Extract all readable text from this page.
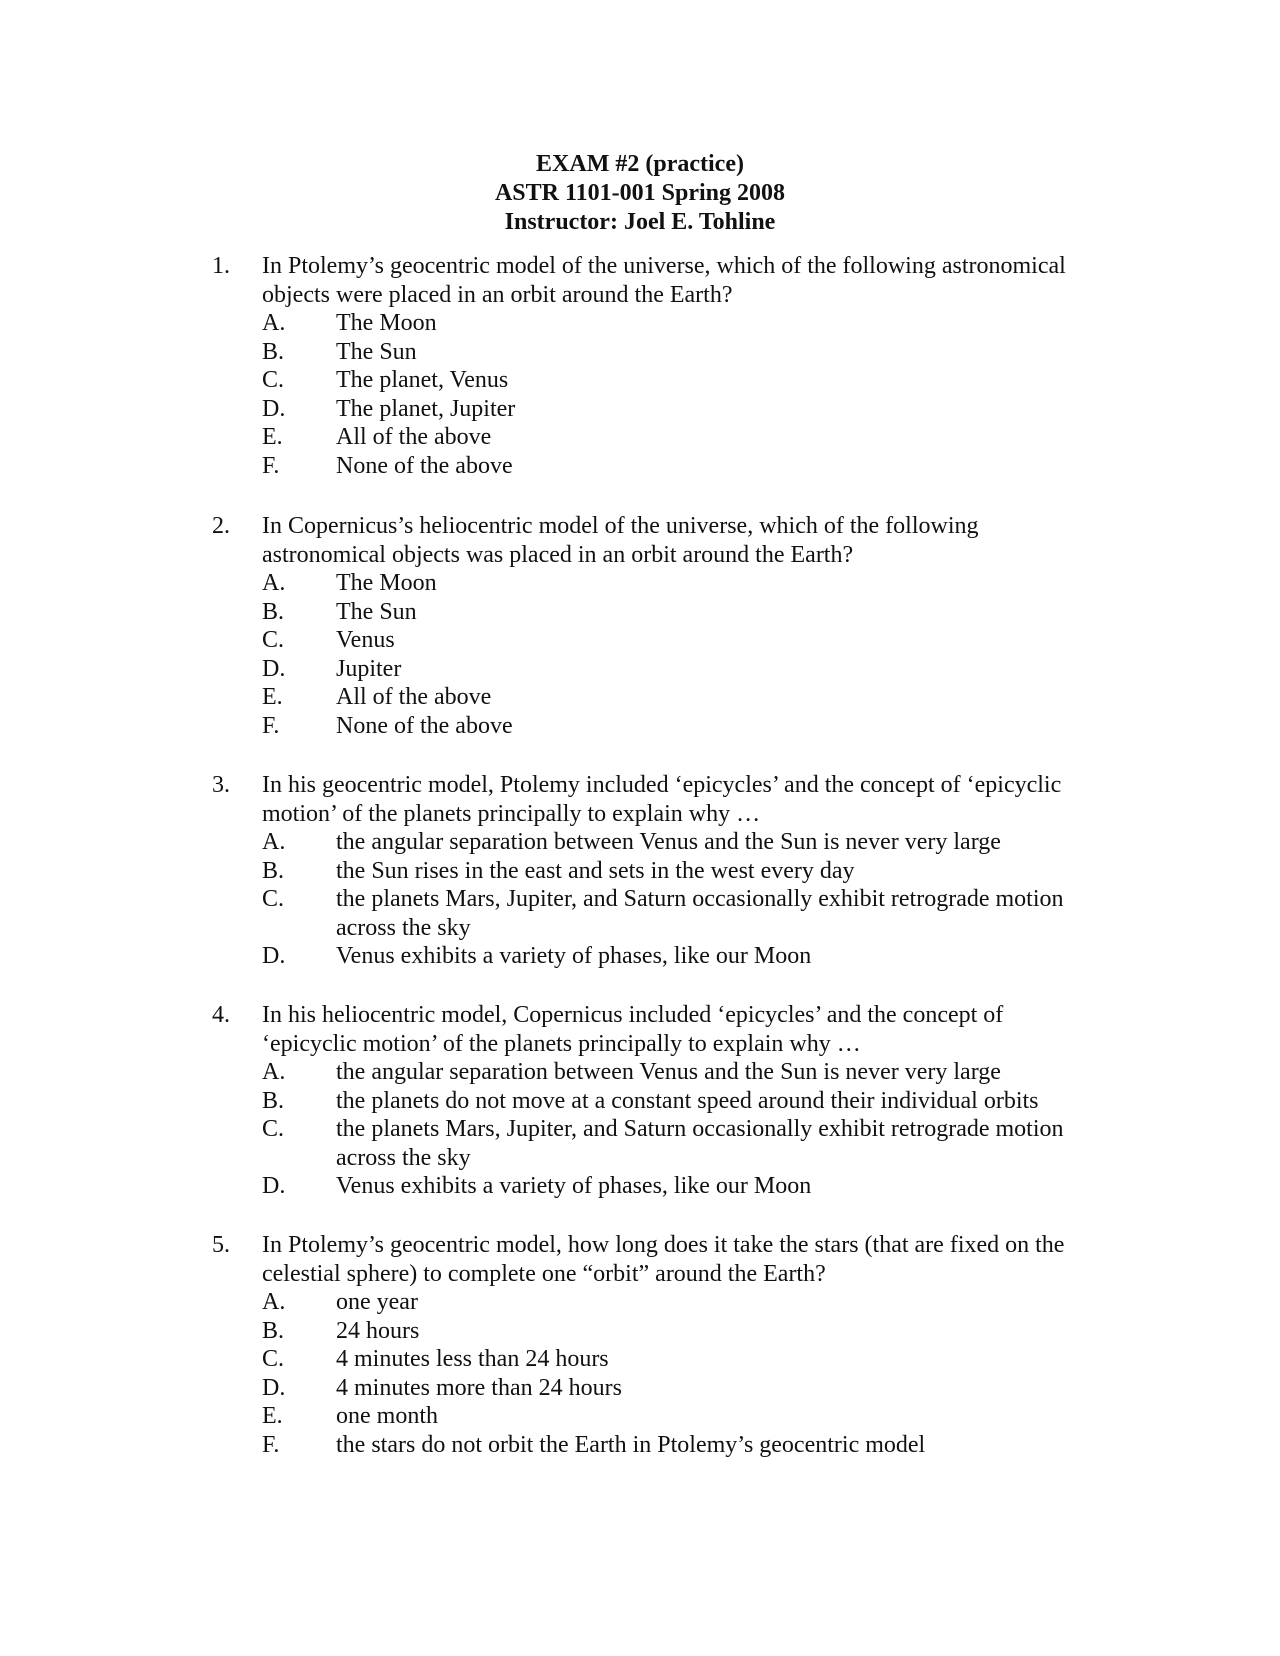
EXAM #2 (practice)
ASTR 1101-001 Spring 2008
Instructor: Joel E. Tohline
1. In Ptolemy’s geocentric model of the universe, which of the following astronomical objects were placed in an orbit around the Earth?
A. The Moon
B. The Sun
C. The planet, Venus
D. The planet, Jupiter
E. All of the above
F. None of the above
2. In Copernicus’s heliocentric model of the universe, which of the following astronomical objects was placed in an orbit around the Earth?
A. The Moon
B. The Sun
C. Venus
D. Jupiter
E. All of the above
F. None of the above
3. In his geocentric model, Ptolemy included ‘epicycles’ and the concept of ‘epicyclic motion’ of the planets principally to explain why …
A. the angular separation between Venus and the Sun is never very large
B. the Sun rises in the east and sets in the west every day
C. the planets Mars, Jupiter, and Saturn occasionally exhibit retrograde motion across the sky
D. Venus exhibits a variety of phases, like our Moon
4. In his heliocentric model, Copernicus included ‘epicycles’ and the concept of ‘epicyclic motion’ of the planets principally to explain why …
A. the angular separation between Venus and the Sun is never very large
B. the planets do not move at a constant speed around their individual orbits
C. the planets Mars, Jupiter, and Saturn occasionally exhibit retrograde motion across the sky
D. Venus exhibits a variety of phases, like our Moon
5. In Ptolemy’s geocentric model, how long does it take the stars (that are fixed on the celestial sphere) to complete one “orbit” around the Earth?
A. one year
B. 24 hours
C. 4 minutes less than 24 hours
D. 4 minutes more than 24 hours
E. one month
F. the stars do not orbit the Earth in Ptolemy’s geocentric model
